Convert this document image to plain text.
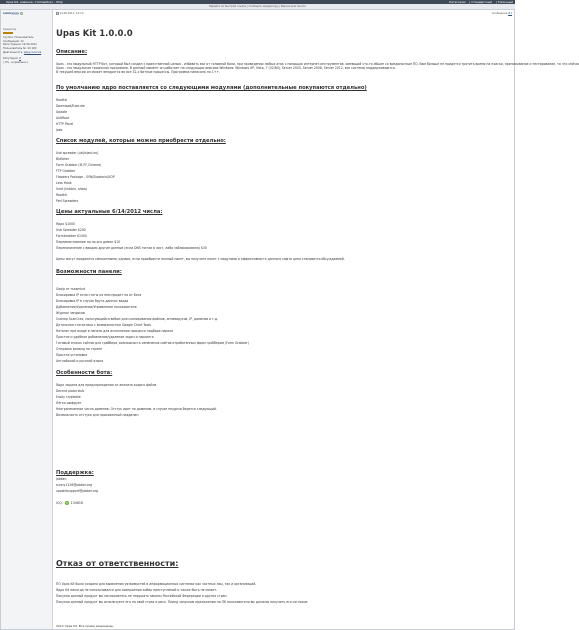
Upas Kit, новинка - Гиппербокс - Ufop	Категории | Стандартный | Типичный
Перейти по быстрой ссылке | Сообщить модератору | Версия для печати
sunnyyyy
Кредитор
Группа: Пользователь
Сообщений: 12
Регистрация: 19.09.2012
Пользователь №: 44 160
Деятельность: вирусология
Репутация: 0
( 0% - нормально )
14.06.2012, 10:14	Сообщение #1
Upas Kit 1.0.0.0
Описание:

Upas - это модульный HTTP бот, который был создан с единственной целью - избавить вас от головной боли, при проведении любых атак с помощью интернет-инструментов, имеющий что-то общее со вредоносным ПО, Вам больше не придется тратить время на поиски, прописывание и тестирование, то что сейчас

Upas - это модульная троянская программа. В данный момент он работает на следующих версиях Windows: Windows XP, Vista, 7 (32/64), Server 2003, Server 2008, Server 2012, все системы поддерживаются.

В текущей версии он может внедрятся во все 32-х битные процессы. Программа написана на C++.

По умолчанию ядро поставляется со следующими модулями (дополнительные покупаются отдельно)

Rootkit

Download/Execute

Update

AntiRoot

HTTP Panel

Jabs

Список модулей, которые можно приобрести отдельно:

Usb spreader (ub)Inject.ex]

Bidlicker

Form Grabber (IE,FF,Chrome)

FTP Grabber

Flooders Package - SYN/Slowloris/UDP

Less Hook

Vnet (hidden, show)

Rootkit

Ped Spreaders

Цены актуальные 6/14/2012 числа:

Ядро $1000

Usb Spreader $200

Formbrabber $1000

Переиментование на по-ого домен $10

Перенапиление с вводом другие данные (если DNS тоrгав в лист, либо заблокирована) $30

Цены могут продаются смешанными, однако, если приобрести полный пакет, вы получите пакет с модулями и оффективность данного софта цена становится обсуждаемой.

Возможности панели:

Geoip от maxmind

Блокировка IP если стоты на нем придет на от бота

Блокировка IP в случае брута данных входа

Добавление/Удаление/Управление пользователя

Журнал запросов

Сканер ScanCrex, пользующийся вебом для сканирования файлов, антивирусов, IP, доменов и т.д.

Детальная статистика с возможностью Google Chart Tools

Каталог при входе в панель для исполнения процесса подбора пароля

Простое и удобное добавление/удаление задач и парсинга

Готовый список сайтов для граббера, возможность изменения сайтов отработанных форм граббером (Form Grabber)

Отправка команд по стране

Простая установка

Английский и русский языки

Особенности бота:

Ядро защита для предупреждения от анализа кодого файла

Decent pload stub

Easily crypteble

Лёгко шифрует

Неограниченное число доменов. Отстук идет по доменам, в случае неудачи берется следующий.

Возможность отстука для прокованный подделан

Поддержка:

Jabber:

sunny1126@jabber.org

upaskitsupport@jabber.org

ICQ:	134616
Отказ от ответственности:

ПО Upas Kit было создано для выявления уязвимостей в информационных системах как частных лиц, так и организаций.

Ядро Kit никогда не использовался для совершения кибер преступлений и также быть не может.

Покупая данный продукт вы соглашаетесь не нарушать законы Российской Федерации и других стран.

Покупая данный продукт вы используете его на свой страх и риск. Перед запуском приложения на ПК пользователя вы должны получить его согласие.

2012 Upas Kit. Все права защищены.
